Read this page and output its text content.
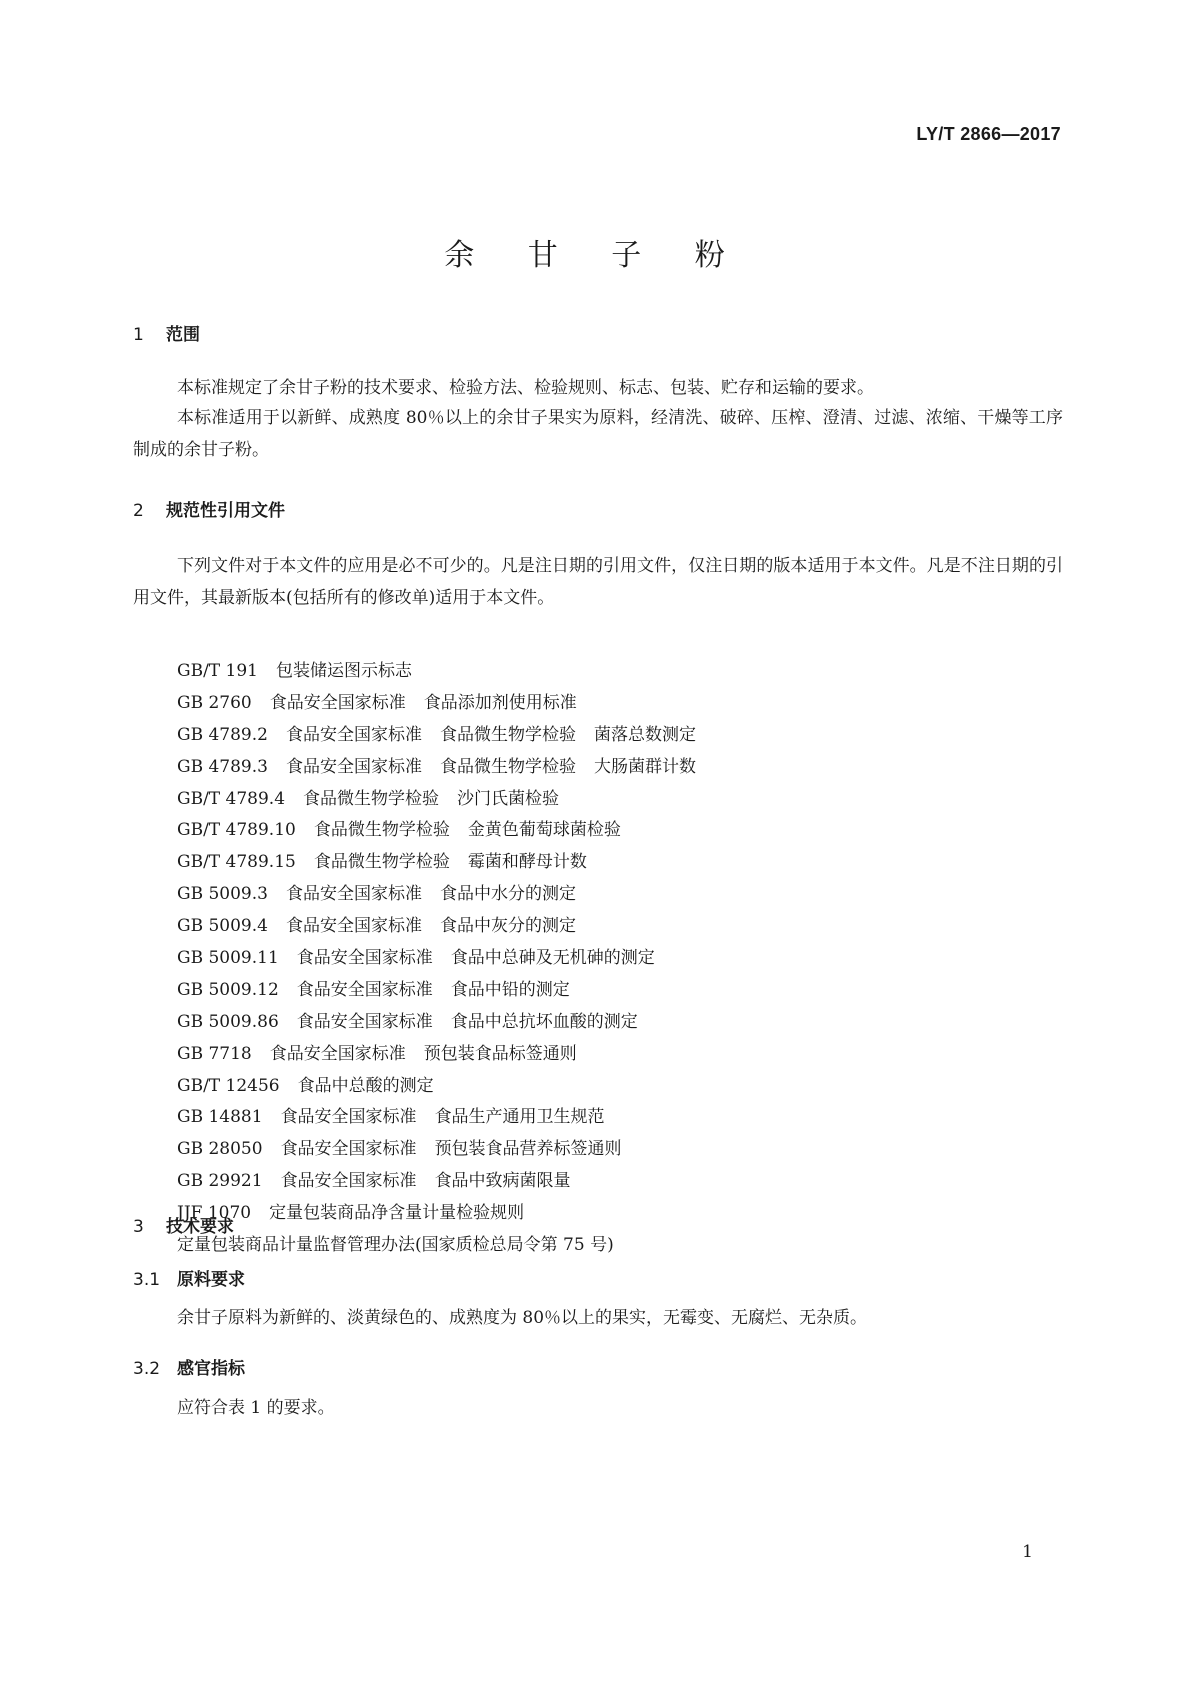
LY/T 2866—2017
余 甘 子 粉
1 范围
本标准规定了余甘子粉的技术要求、检验方法、检验规则、标志、包装、贮存和运输的要求。
本标准适用于以新鲜、成熟度 80％以上的余甘子果实为原料，经清洗、破碎、压榨、澄清、过滤、浓缩、干燥等工序制成的余甘子粉。
2 规范性引用文件
下列文件对于本文件的应用是必不可少的。凡是注日期的引用文件，仅注日期的版本适用于本文件。凡是不注日期的引用文件，其最新版本(包括所有的修改单)适用于本文件。
GB/T 191 包装储运图示标志
GB 2760 食品安全国家标准 食品添加剂使用标准
GB 4789.2 食品安全国家标准 食品微生物学检验 菌落总数测定
GB 4789.3 食品安全国家标准 食品微生物学检验 大肠菌群计数
GB/T 4789.4 食品微生物学检验 沙门氏菌检验
GB/T 4789.10 食品微生物学检验 金黄色葡萄球菌检验
GB/T 4789.15 食品微生物学检验 霉菌和酵母计数
GB 5009.3 食品安全国家标准 食品中水分的测定
GB 5009.4 食品安全国家标准 食品中灰分的测定
GB 5009.11 食品安全国家标准 食品中总砷及无机砷的测定
GB 5009.12 食品安全国家标准 食品中铅的测定
GB 5009.86 食品安全国家标准 食品中总抗坏血酸的测定
GB 7718 食品安全国家标准 预包装食品标签通则
GB/T 12456 食品中总酸的测定
GB 14881 食品安全国家标准 食品生产通用卫生规范
GB 28050 食品安全国家标准 预包装食品营养标签通则
GB 29921 食品安全国家标准 食品中致病菌限量
JJF 1070 定量包装商品净含量计量检验规则
定量包装商品计量监督管理办法(国家质检总局令第 75 号)
3 技术要求
3.1 原料要求
余甘子原料为新鲜的、淡黄绿色的、成熟度为 80％以上的果实，无霉变、无腐烂、无杂质。
3.2 感官指标
应符合表 1 的要求。
1
